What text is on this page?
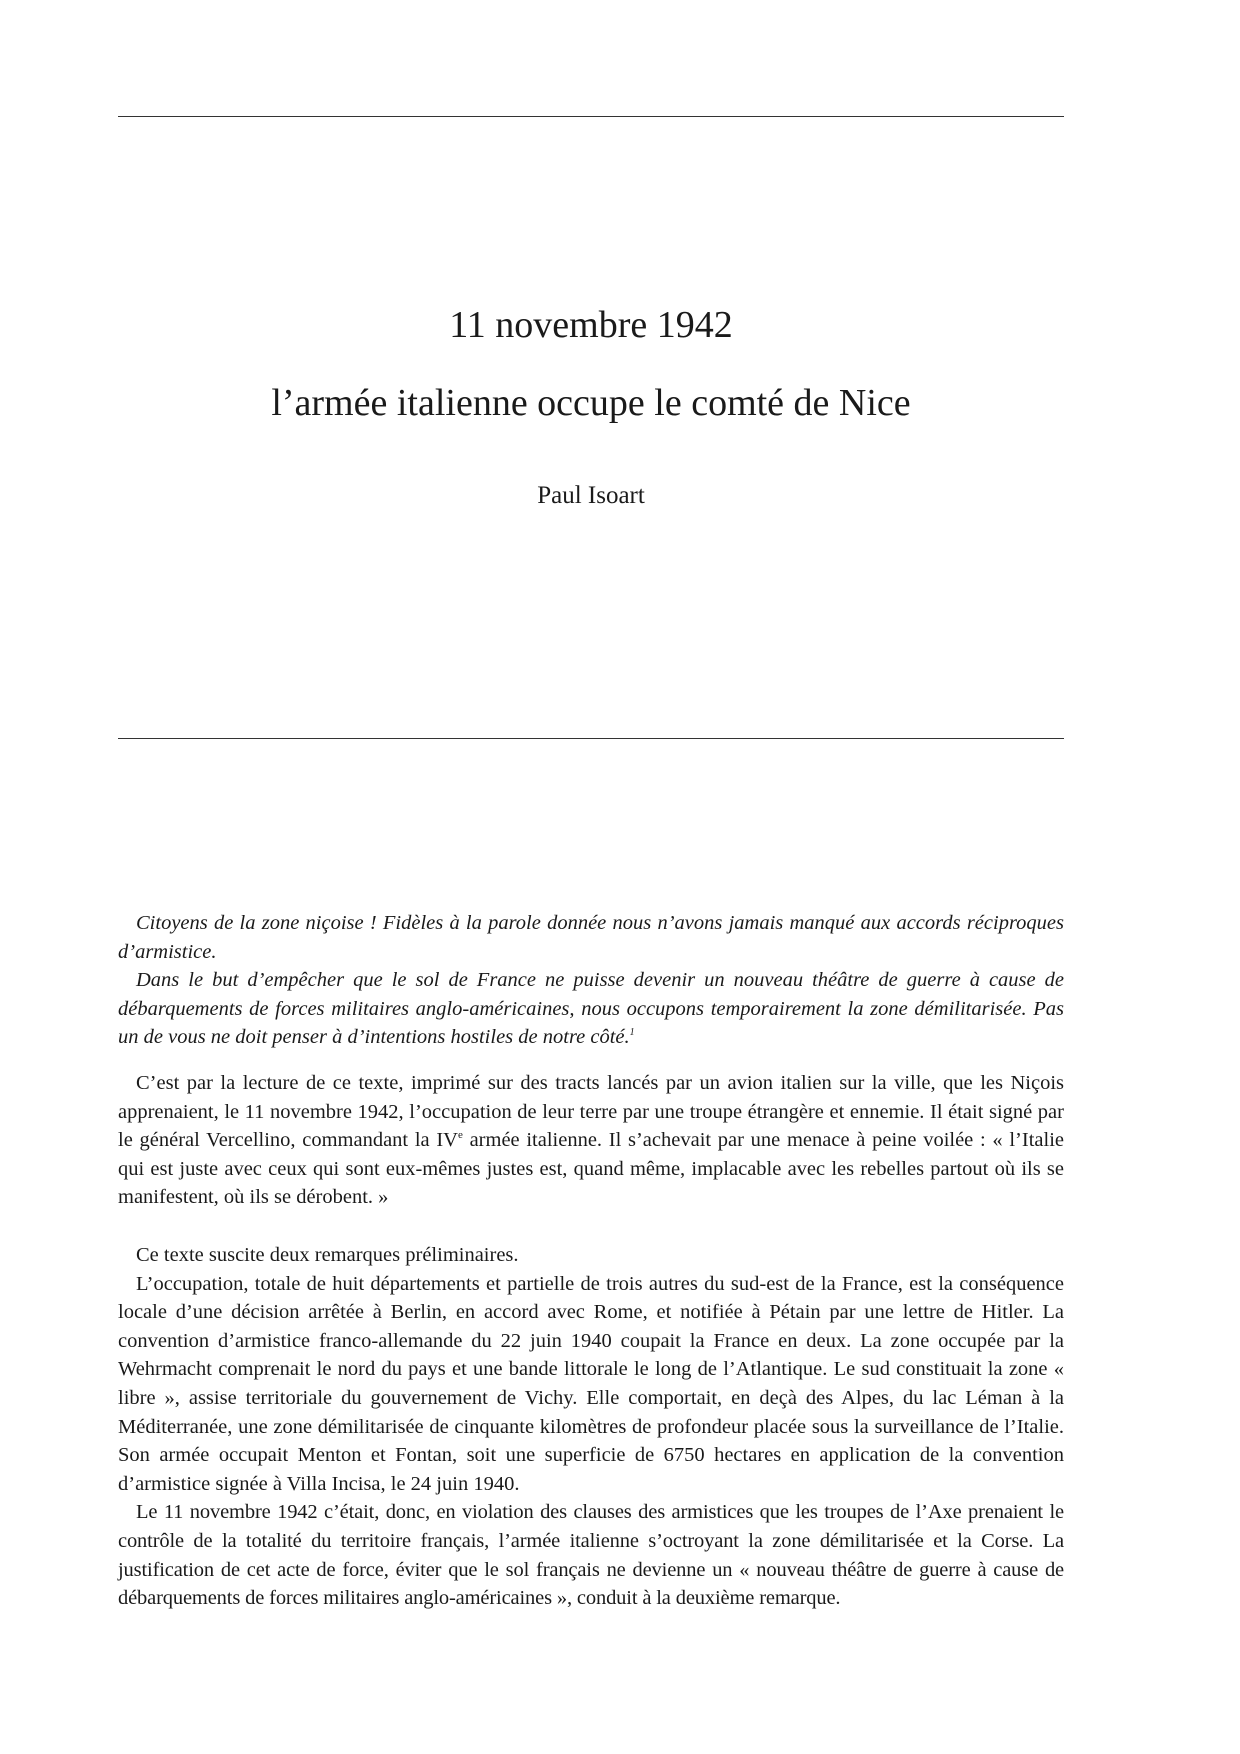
11 novembre 1942
l’armée italienne occupe le comté de Nice
Paul Isoart

Citoyens de la zone niçoise ! Fidèles à la parole donnée nous n’avons jamais manqué aux accords réciproques d’armistice.

Dans le but d’empêcher que le sol de France ne puisse devenir un nouveau théâtre de guerre à cause de débarquements de forces militaires anglo-américaines, nous occupons temporairement la zone démilitarisée. Pas un de vous ne doit penser à d’intentions hostiles de notre côté.$^1$

C’est par la lecture de ce texte, imprimé sur des tracts lancés par un avion italien sur la ville, que les Niçois apprenaient, le 11 novembre 1942, l’occupation de leur terre par une troupe étrangère et ennemie. Il était signé par le général Vercellino, commandant la IVe armée italienne. Il s’achevait par une menace à peine voilée : « l’Italie qui est juste avec ceux qui sont eux-mêmes justes est, quand même, implacable avec les rebelles partout où ils se manifestent, où ils se dérobent. »

Ce texte suscite deux remarques préliminaires.

L’occupation, totale de huit départements et partielle de trois autres du sud-est de la France, est la conséquence locale d’une décision arrêtée à Berlin, en accord avec Rome, et notifiée à Pétain par une lettre de Hitler. La convention d’armistice franco-allemande du 22 juin 1940 coupait la France en deux. La zone occupée par la Wehrmacht comprenait le nord du pays et une bande littorale le long de l’Atlantique. Le sud constituait la zone « libre », assise territoriale du gouvernement de Vichy. Elle comportait, en deçà des Alpes, du lac Léman à la Méditerranée, une zone démilitarisée de cinquante kilomètres de profondeur placée sous la surveillance de l’Italie. Son armée occupait Menton et Fontan, soit une superficie de 6750 hectares en application de la convention d’armistice signée à Villa Incisa, le 24 juin 1940.

Le 11 novembre 1942 c’était, donc, en violation des clauses des armistices que les troupes de l’Axe prenaient le contrôle de la totalité du territoire français, l’armée italienne s’octroyant la zone démilitarisée et la Corse. La justification de cet acte de force, éviter que le sol français ne devienne un « nouveau théâtre de guerre à cause de débarquements de forces militaires anglo-américaines », conduit à la deuxième remarque.
